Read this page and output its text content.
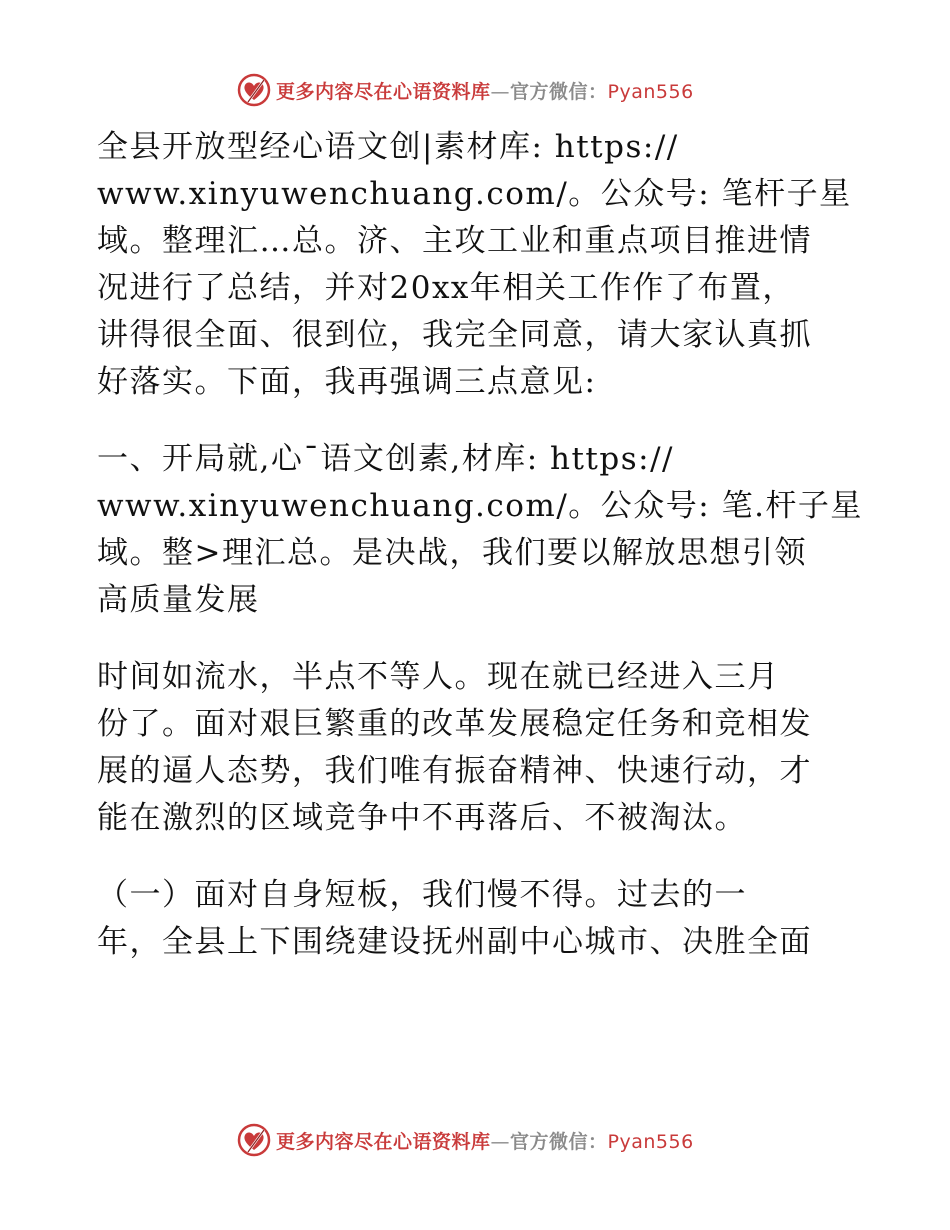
更多内容尽在心语资料库—官方微信：Pyan556
全县开放型经心语文创|素材库: https://
www.xinyuwenchuang.com/。公众号: 笔杆子星
域。整理汇…总。济、主攻工业和重点项目推进情
况进行了总结，并对20xx年相关工作作了布置，
讲得很全面、很到位，我完全同意，请大家认真抓
好落实。下面，我再强调三点意见:
一、开局就,心¯语文创素,材库: https://
www.xinyuwenchuang.com/。公众号: 笔.杆子星
域。整>理汇总。是决战，我们要以解放思想引领
高质量发展
时间如流水，半点不等人。现在就已经进入三月
份了。面对艰巨繁重的改革发展稳定任务和竞相发
展的逼人态势，我们唯有振奋精神、快速行动，才
能在激烈的区域竞争中不再落后、不被淘汰。
（一）面对自身短板，我们慢不得。过去的一
年，全县上下围绕建设抚州副中心城市、决胜全面
更多内容尽在心语资料库—官方微信：Pyan556
